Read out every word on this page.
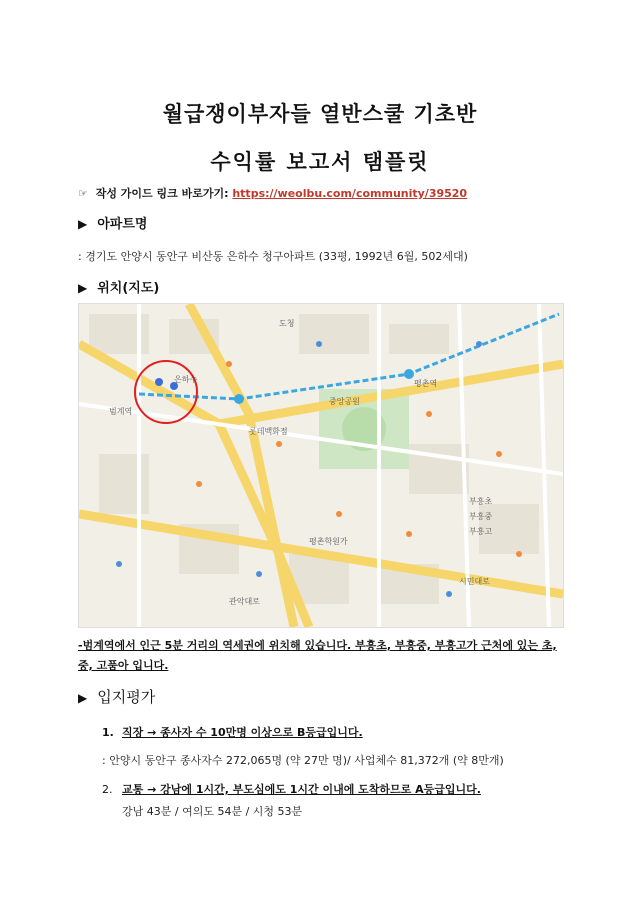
월급쟁이부자들 열반스쿨 기초반
수익률 보고서 탬플릿
☞ 작성 가이드 링크 바로가기: https://weolbu.com/community/39520
▶ 아파트명
: 경기도 안양시 동안구 비산동 은하수 청구아파트 (33평, 1992년 6월, 502세대)
▶ 위치(지도)
은하수
범계역
평촌역
중앙공원
롯데백화점
부흥초
부흥중
부흥고
평촌학원가
관악대로
시민대로
도청
-범계역에서 인근 5분 거리의 역세권에 위치해 있습니다. 부흥초, 부흥중, 부흥고가 근처에 있는 초, 중, 고품아 입니다.
▶ 입지평가
1. 직장 → 종사자 수 10만명 이상으로 B등급입니다.
: 안양시 동안구 종사자수 272,065명 (약 27만 명)/ 사업체수 81,372개 (약 8만개)
2. 교통 → 강남에 1시간, 부도심에도 1시간 이내에 도착하므로 A등급입니다.
강남 43분 / 여의도 54분 / 시청 53분
